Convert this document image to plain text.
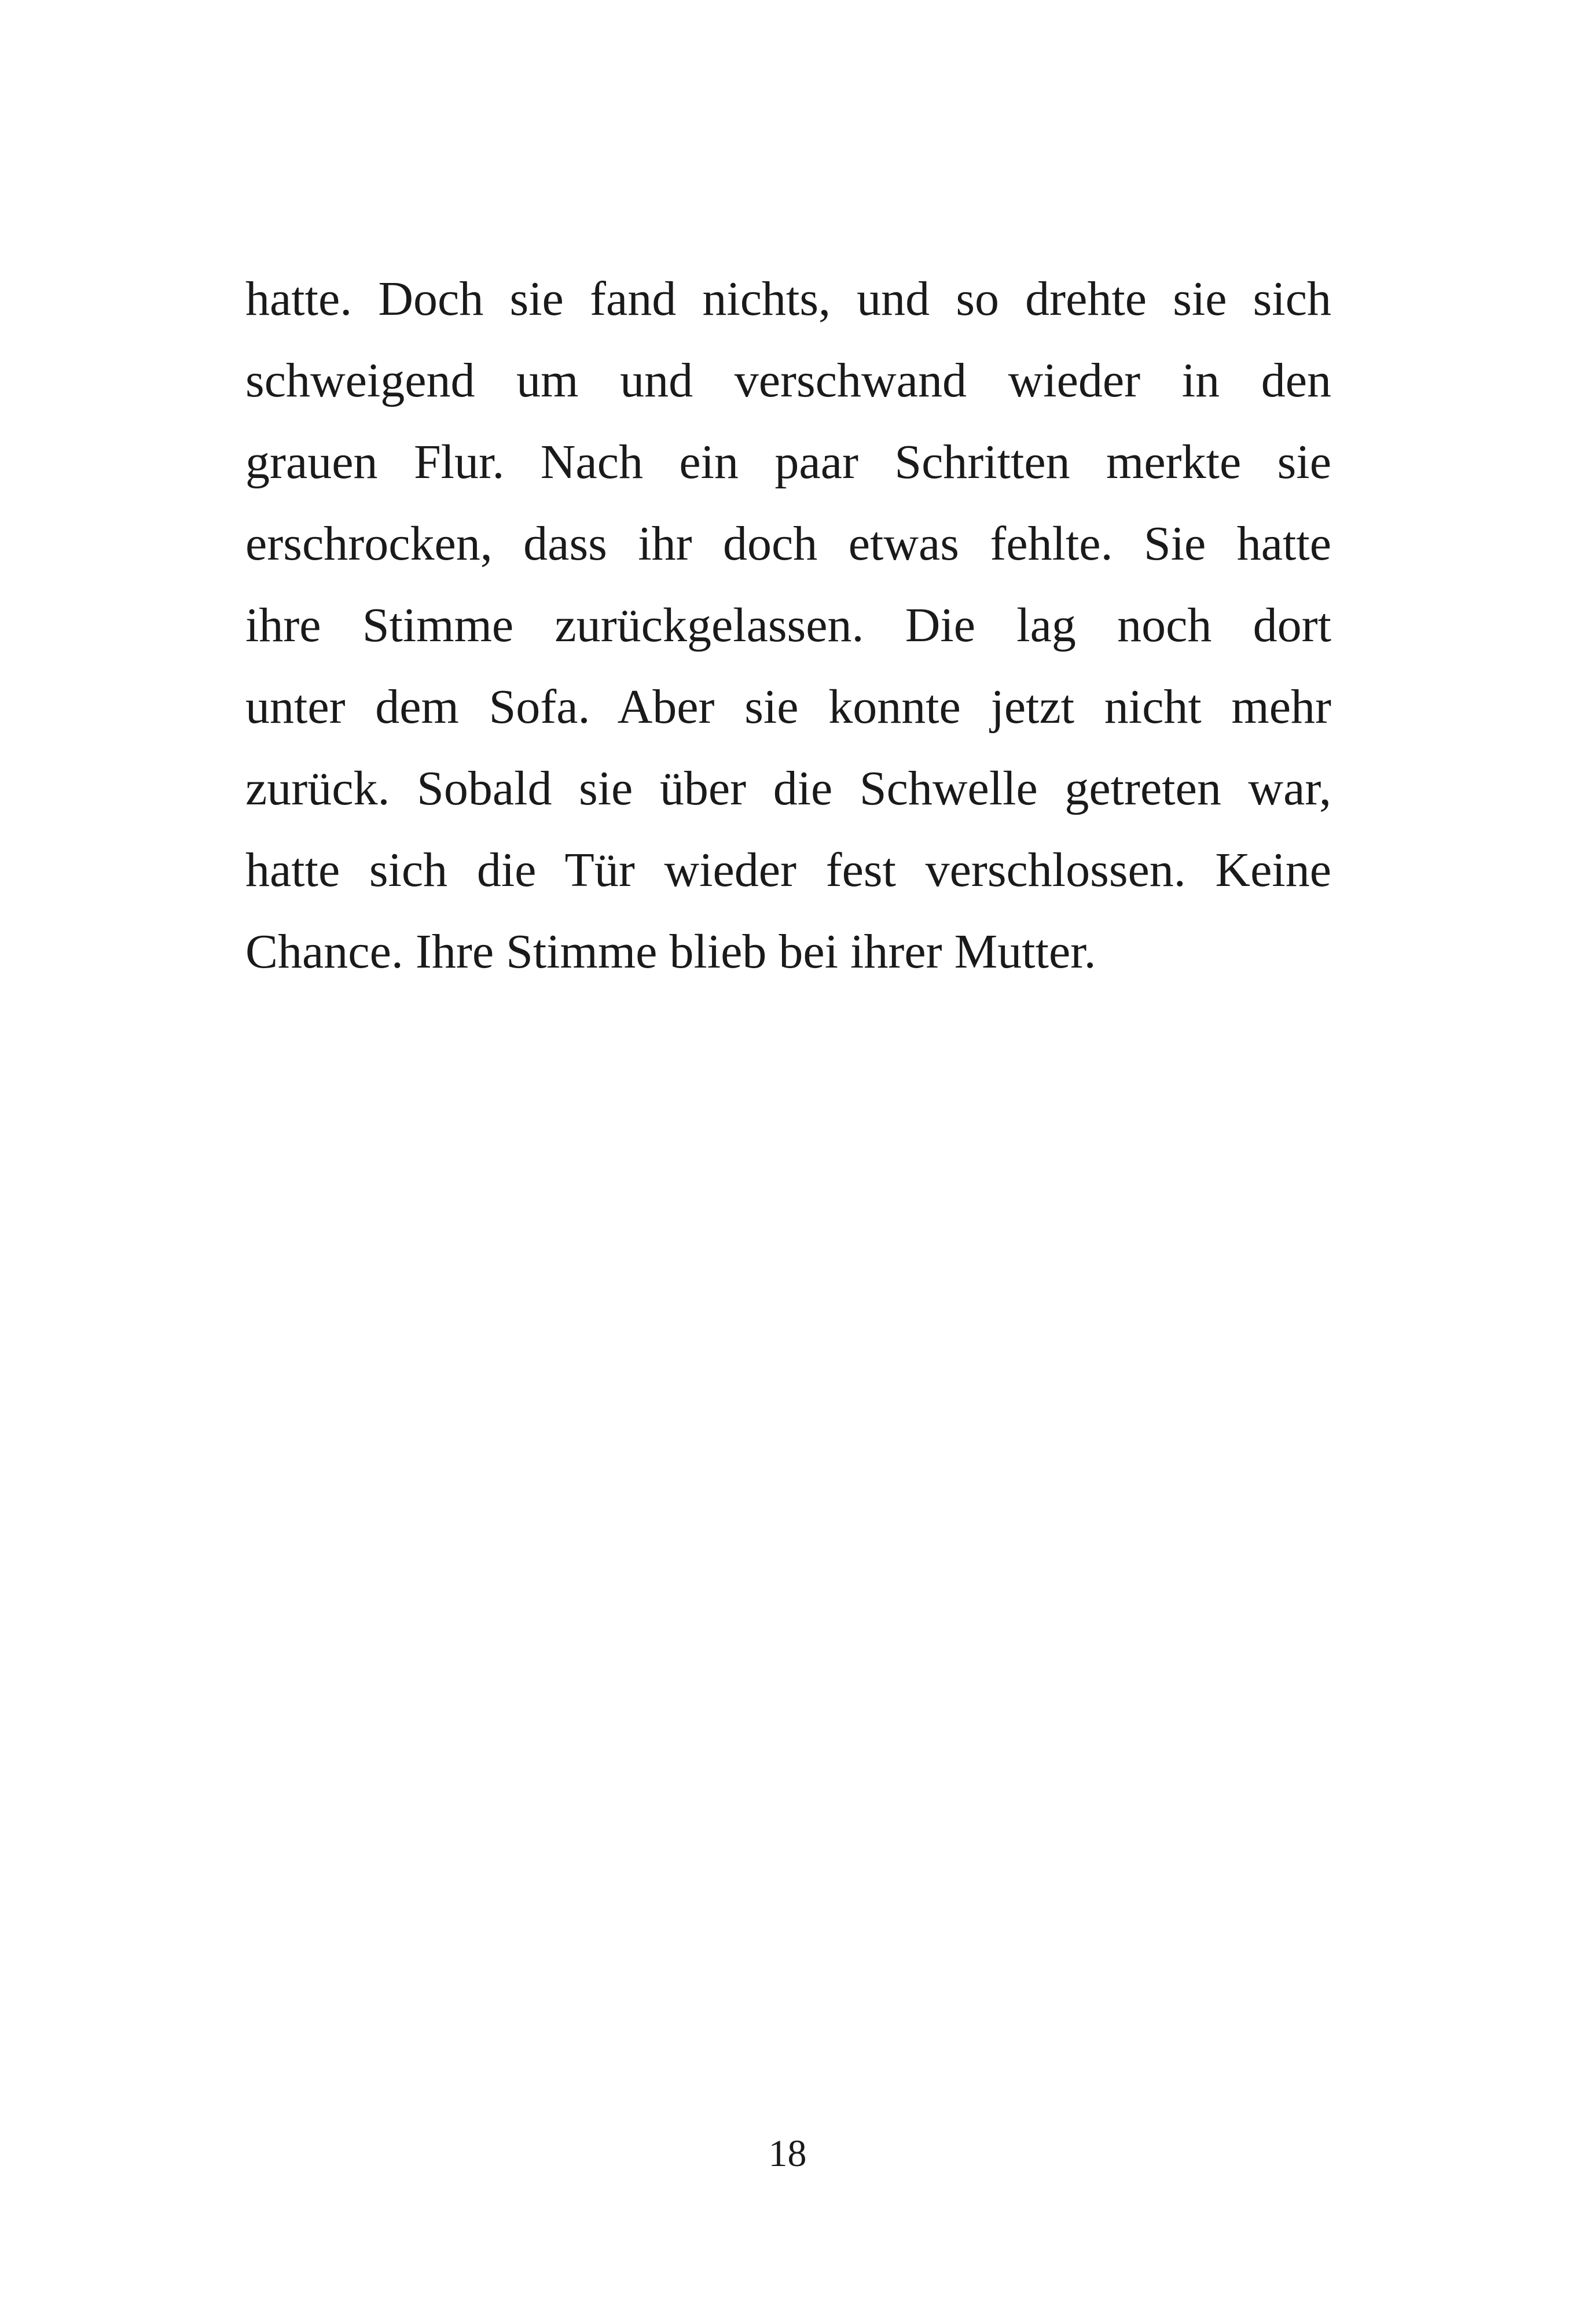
hatte. Doch sie fand nichts, und so drehte sie sich
schweigend um und verschwand wieder in den
grauen Flur. Nach ein paar Schritten merkte sie
erschrocken, dass ihr doch etwas fehlte. Sie hatte
ihre Stimme zurückgelassen. Die lag noch dort
unter dem Sofa. Aber sie konnte jetzt nicht mehr
zurück. Sobald sie über die Schwelle getreten war,
hatte sich die Tür wieder fest verschlossen. Keine
Chance. Ihre Stimme blieb bei ihrer Mutter.
18
